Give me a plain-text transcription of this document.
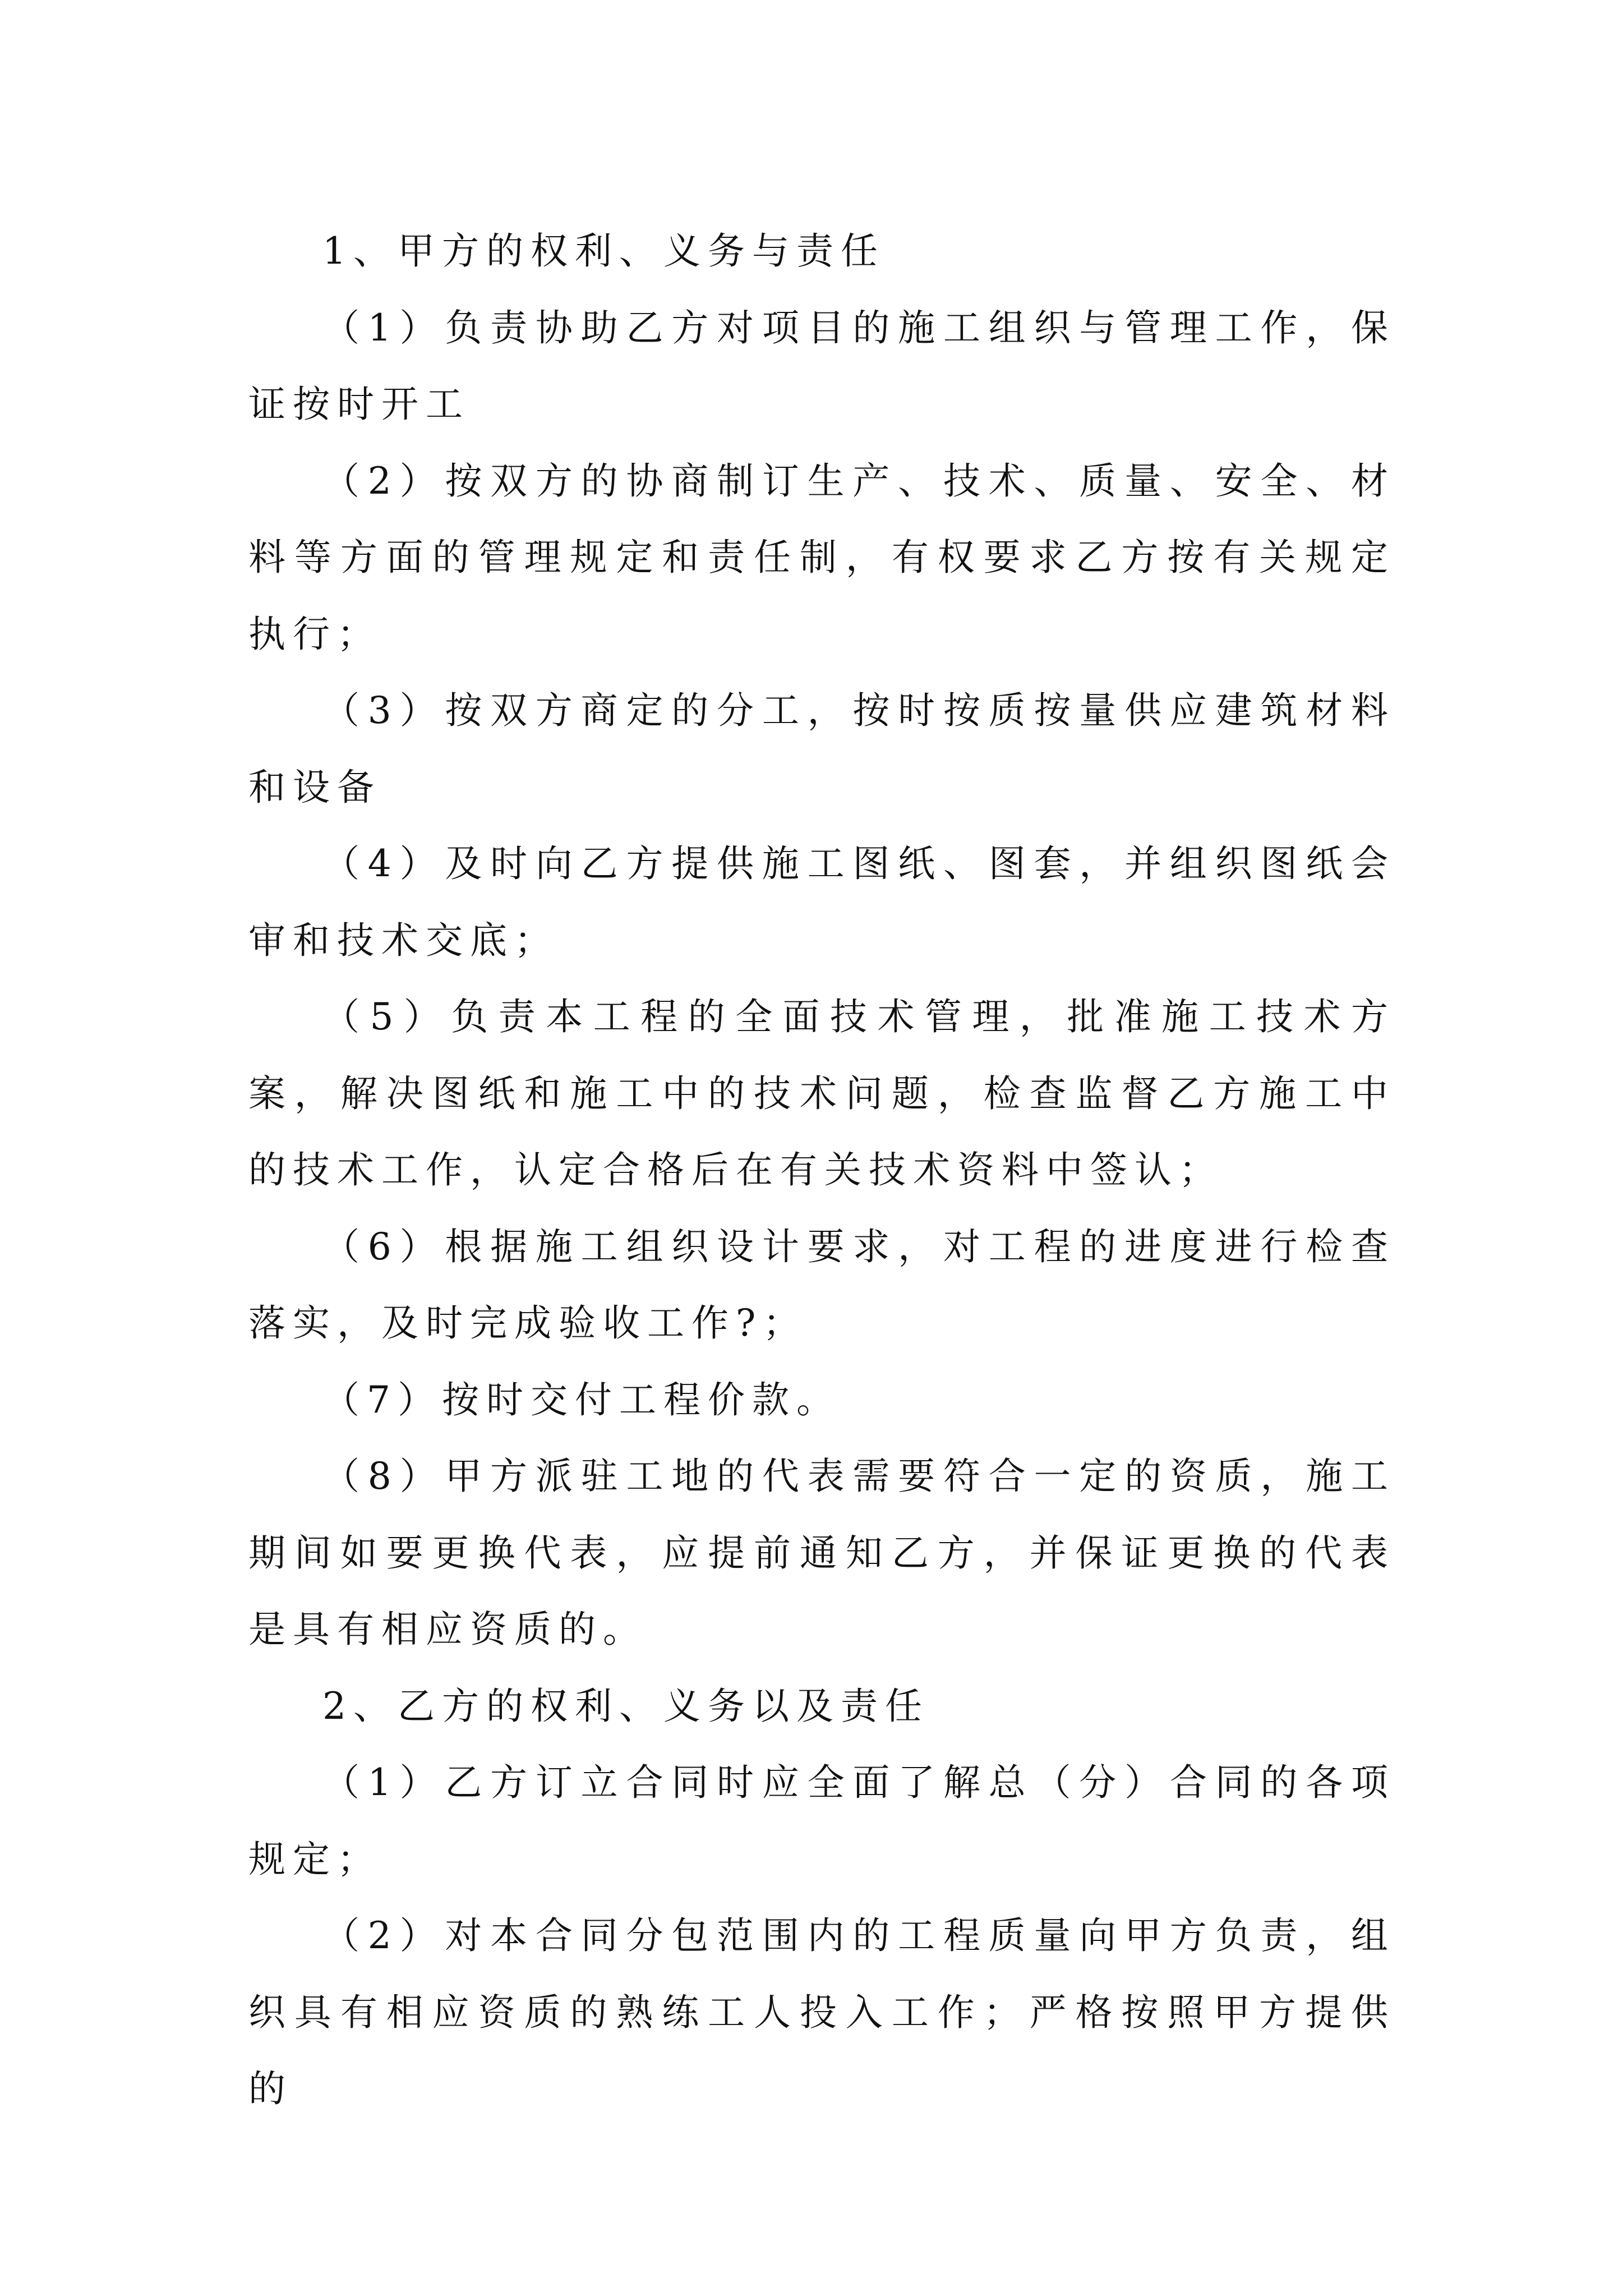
1、甲方的权利、义务与责任

（1）负责协助乙方对项目的施工组织与管理工作，保证按时开工

（2）按双方的协商制订生产、技术、质量、安全、材料等方面的管理规定和责任制，有权要求乙方按有关规定执行；

（3）按双方商定的分工，按时按质按量供应建筑材料和设备

（4）及时向乙方提供施工图纸、图套，并组织图纸会审和技术交底；

（5）负责本工程的全面技术管理，批准施工技术方案，解决图纸和施工中的技术问题，检查监督乙方施工中的技术工作，认定合格后在有关技术资料中签认；

（6）根据施工组织设计要求，对工程的进度进行检查落实，及时完成验收工作?；

（7）按时交付工程价款。

（8）甲方派驻工地的代表需要符合一定的资质，施工期间如要更换代表，应提前通知乙方，并保证更换的代表是具有相应资质的。

2、乙方的权利、义务以及责任

（1）乙方订立合同时应全面了解总（分）合同的各项规定；

（2）对本合同分包范围内的工程质量向甲方负责，组织具有相应资质的熟练工人投入工作；严格按照甲方提供的
